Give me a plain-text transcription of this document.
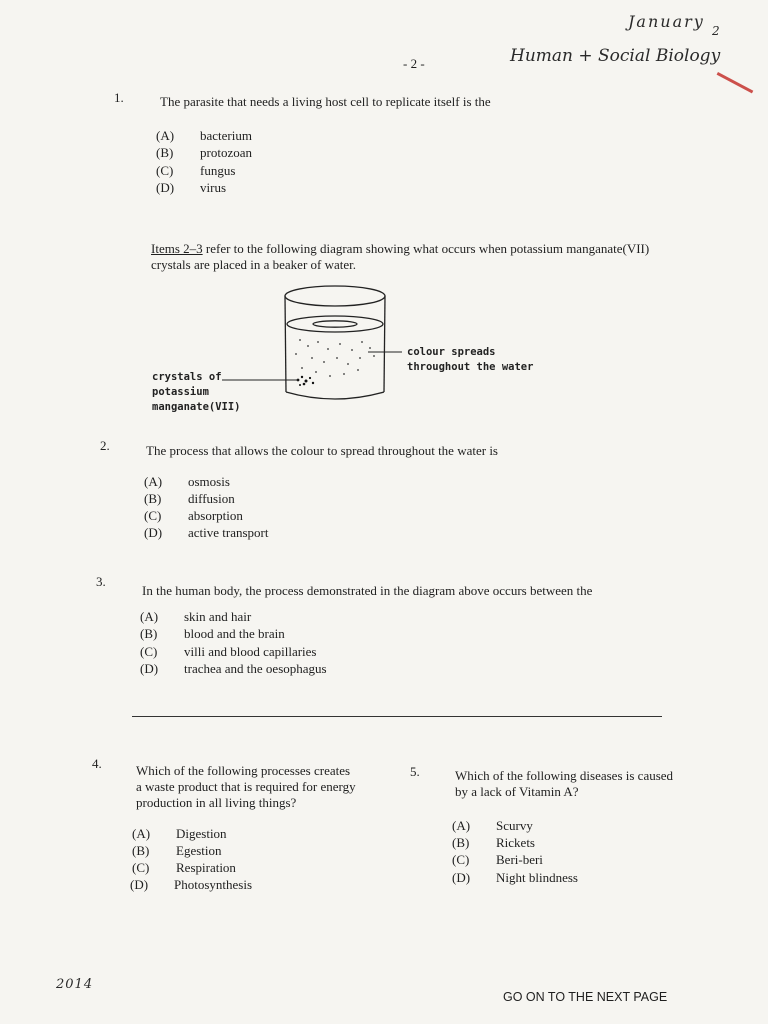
January 2
- 2 -	Human + Social Biology
1.	The parasite that needs a living host cell to replicate itself is the
(A) bacterium
(B) protozoan
(C) fungus
(D) virus
Items 2–3 refer to the following diagram showing what occurs when potassium manganate(VII)
crystals are placed in a beaker of water.
colour spreads
throughout the water
crystals of
potassium
manganate(VII)
2.	The process that allows the colour to spread throughout the water is
(A) osmosis
(B) diffusion
(C) absorption
(D) active transport
3.
In the human body, the process demonstrated in the diagram above occurs between the
(A) skin and hair
(B) blood and the brain
(C) villi and blood capillaries
(D) trachea and the oesophagus
4.	Which of the following processes creates
a waste product that is required for energy
production in all living things?
(A) Digestion
(B) Egestion
(C) Respiration
(D) Photosynthesis
5.	Which of the following diseases is caused
by a lack of Vitamin A?
(A) Scurvy
(B) Rickets
(C) Beri-beri
(D) Night blindness
2014
GO ON TO THE NEXT PAGE
